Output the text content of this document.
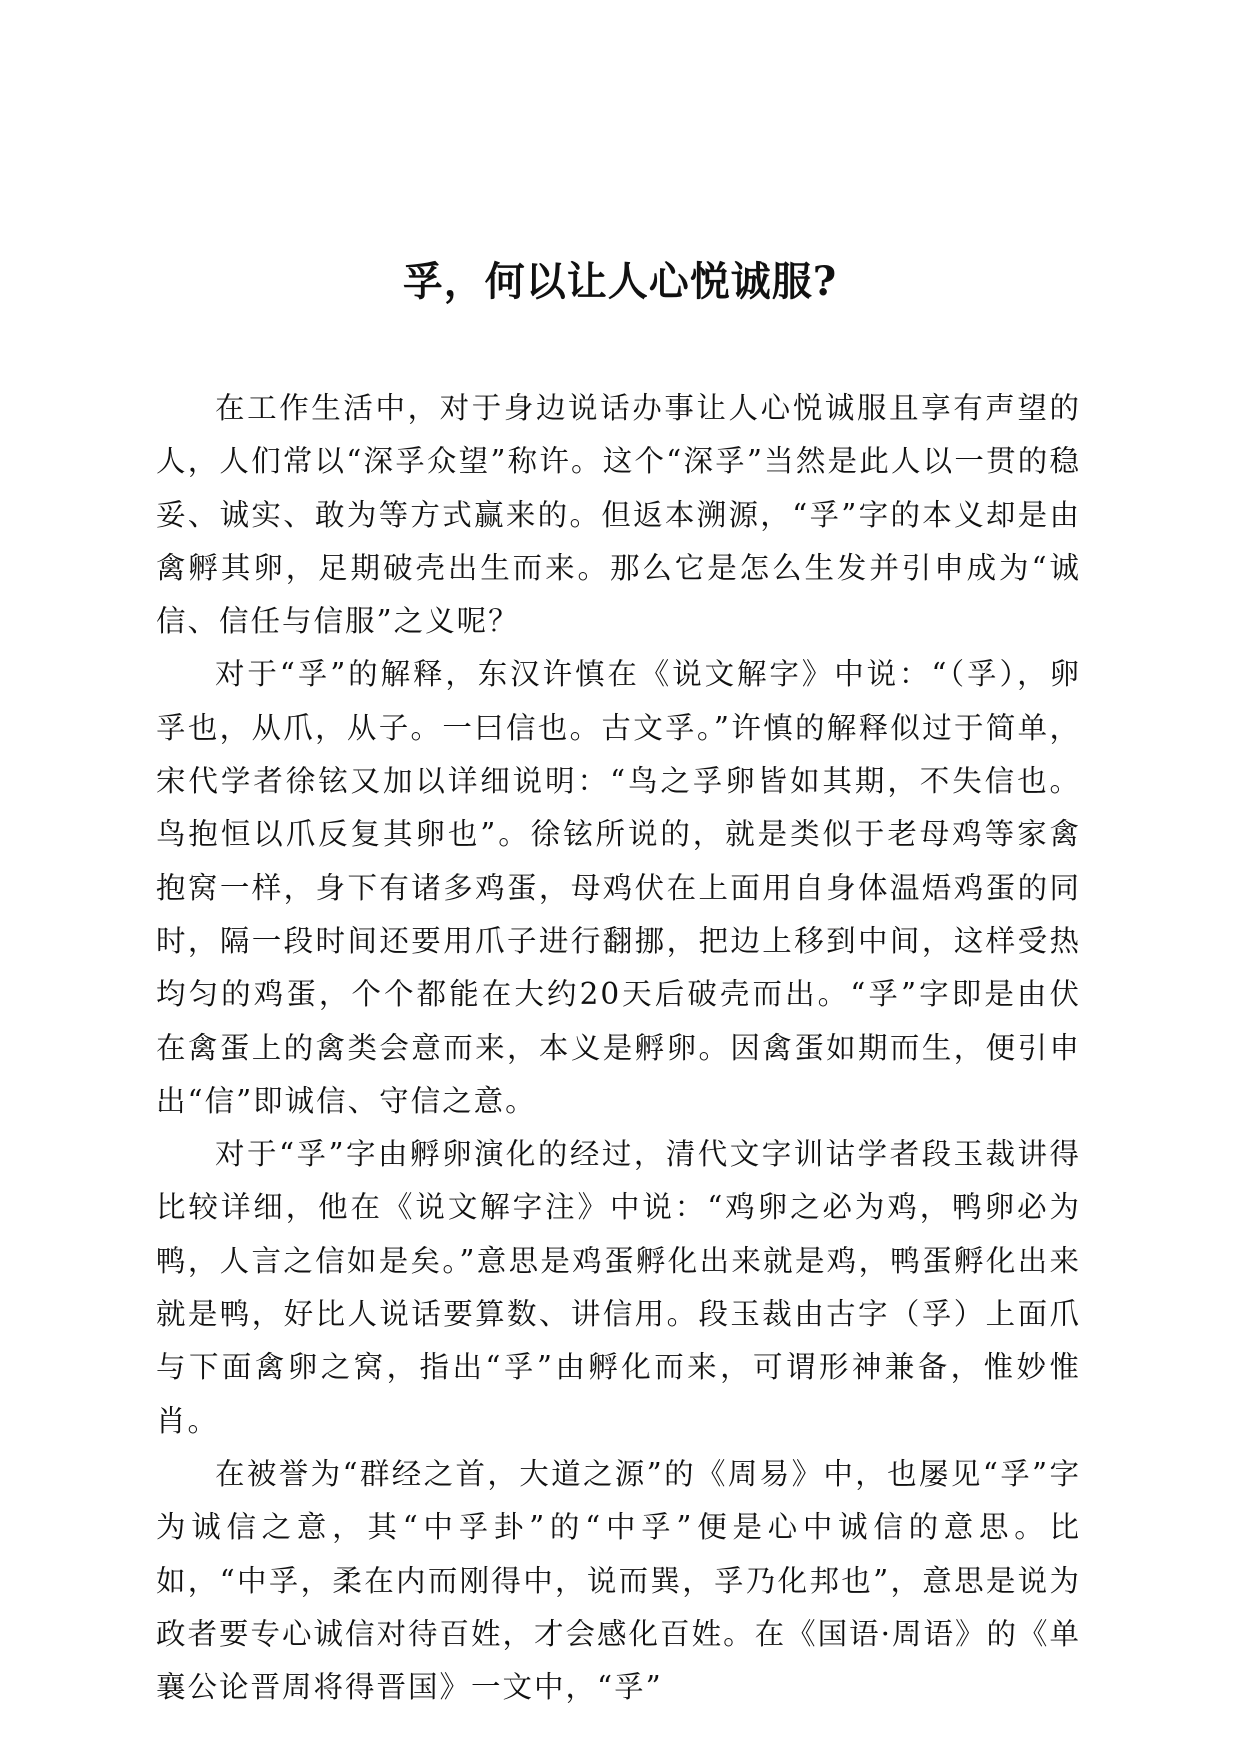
孚，何以让人心悦诚服?

在工作生活中，对于身边说话办事让人心悦诚服且享有声望的人，人们常以“深孚众望”称许。这个“深孚”当然是此人以一贯的稳妥、诚实、敢为等方式赢来的。但返本溯源，“孚”字的本义却是由禽孵其卵，足期破壳出生而来。那么它是怎么生发并引申成为“诚信、信任与信服”之义呢？

对于“孚”的解释，东汉许慎在《说文解字》中说：“（孚），卵孚也，从爪，从子。一曰信也。古文孚。”许慎的解释似过于简单，宋代学者徐铉又加以详细说明：“鸟之孚卵皆如其期，不失信也。鸟抱恒以爪反复其卵也”。徐铉所说的，就是类似于老母鸡等家禽抱窝一样，身下有诸多鸡蛋，母鸡伏在上面用自身体温焐鸡蛋的同时，隔一段时间还要用爪子进行翻挪，把边上移到中间，这样受热均匀的鸡蛋，个个都能在大约20天后破壳而出。“孚”字即是由伏在禽蛋上的禽类会意而来，本义是孵卵。因禽蛋如期而生，便引申出“信”即诚信、守信之意。

对于“孚”字由孵卵演化的经过，清代文字训诂学者段玉裁讲得比较详细，他在《说文解字注》中说：“鸡卵之必为鸡，鸭卵必为鸭，人言之信如是矣。”意思是鸡蛋孵化出来就是鸡，鸭蛋孵化出来就是鸭，好比人说话要算数、讲信用。段玉裁由古字（孚）上面爪与下面禽卵之窝，指出“孚”由孵化而来，可谓形神兼备，惟妙惟肖。

在被誉为“群经之首，大道之源”的《周易》中，也屡见“孚”字为诚信之意，其“中孚卦”的“中孚”便是心中诚信的意思。比如，“中孚，柔在内而刚得中，说而巽，孚乃化邦也”，意思是说为政者要专心诚信对待百姓，才会感化百姓。在《国语·周语》的《单襄公论晋周将得晋国》一文中，“孚”
